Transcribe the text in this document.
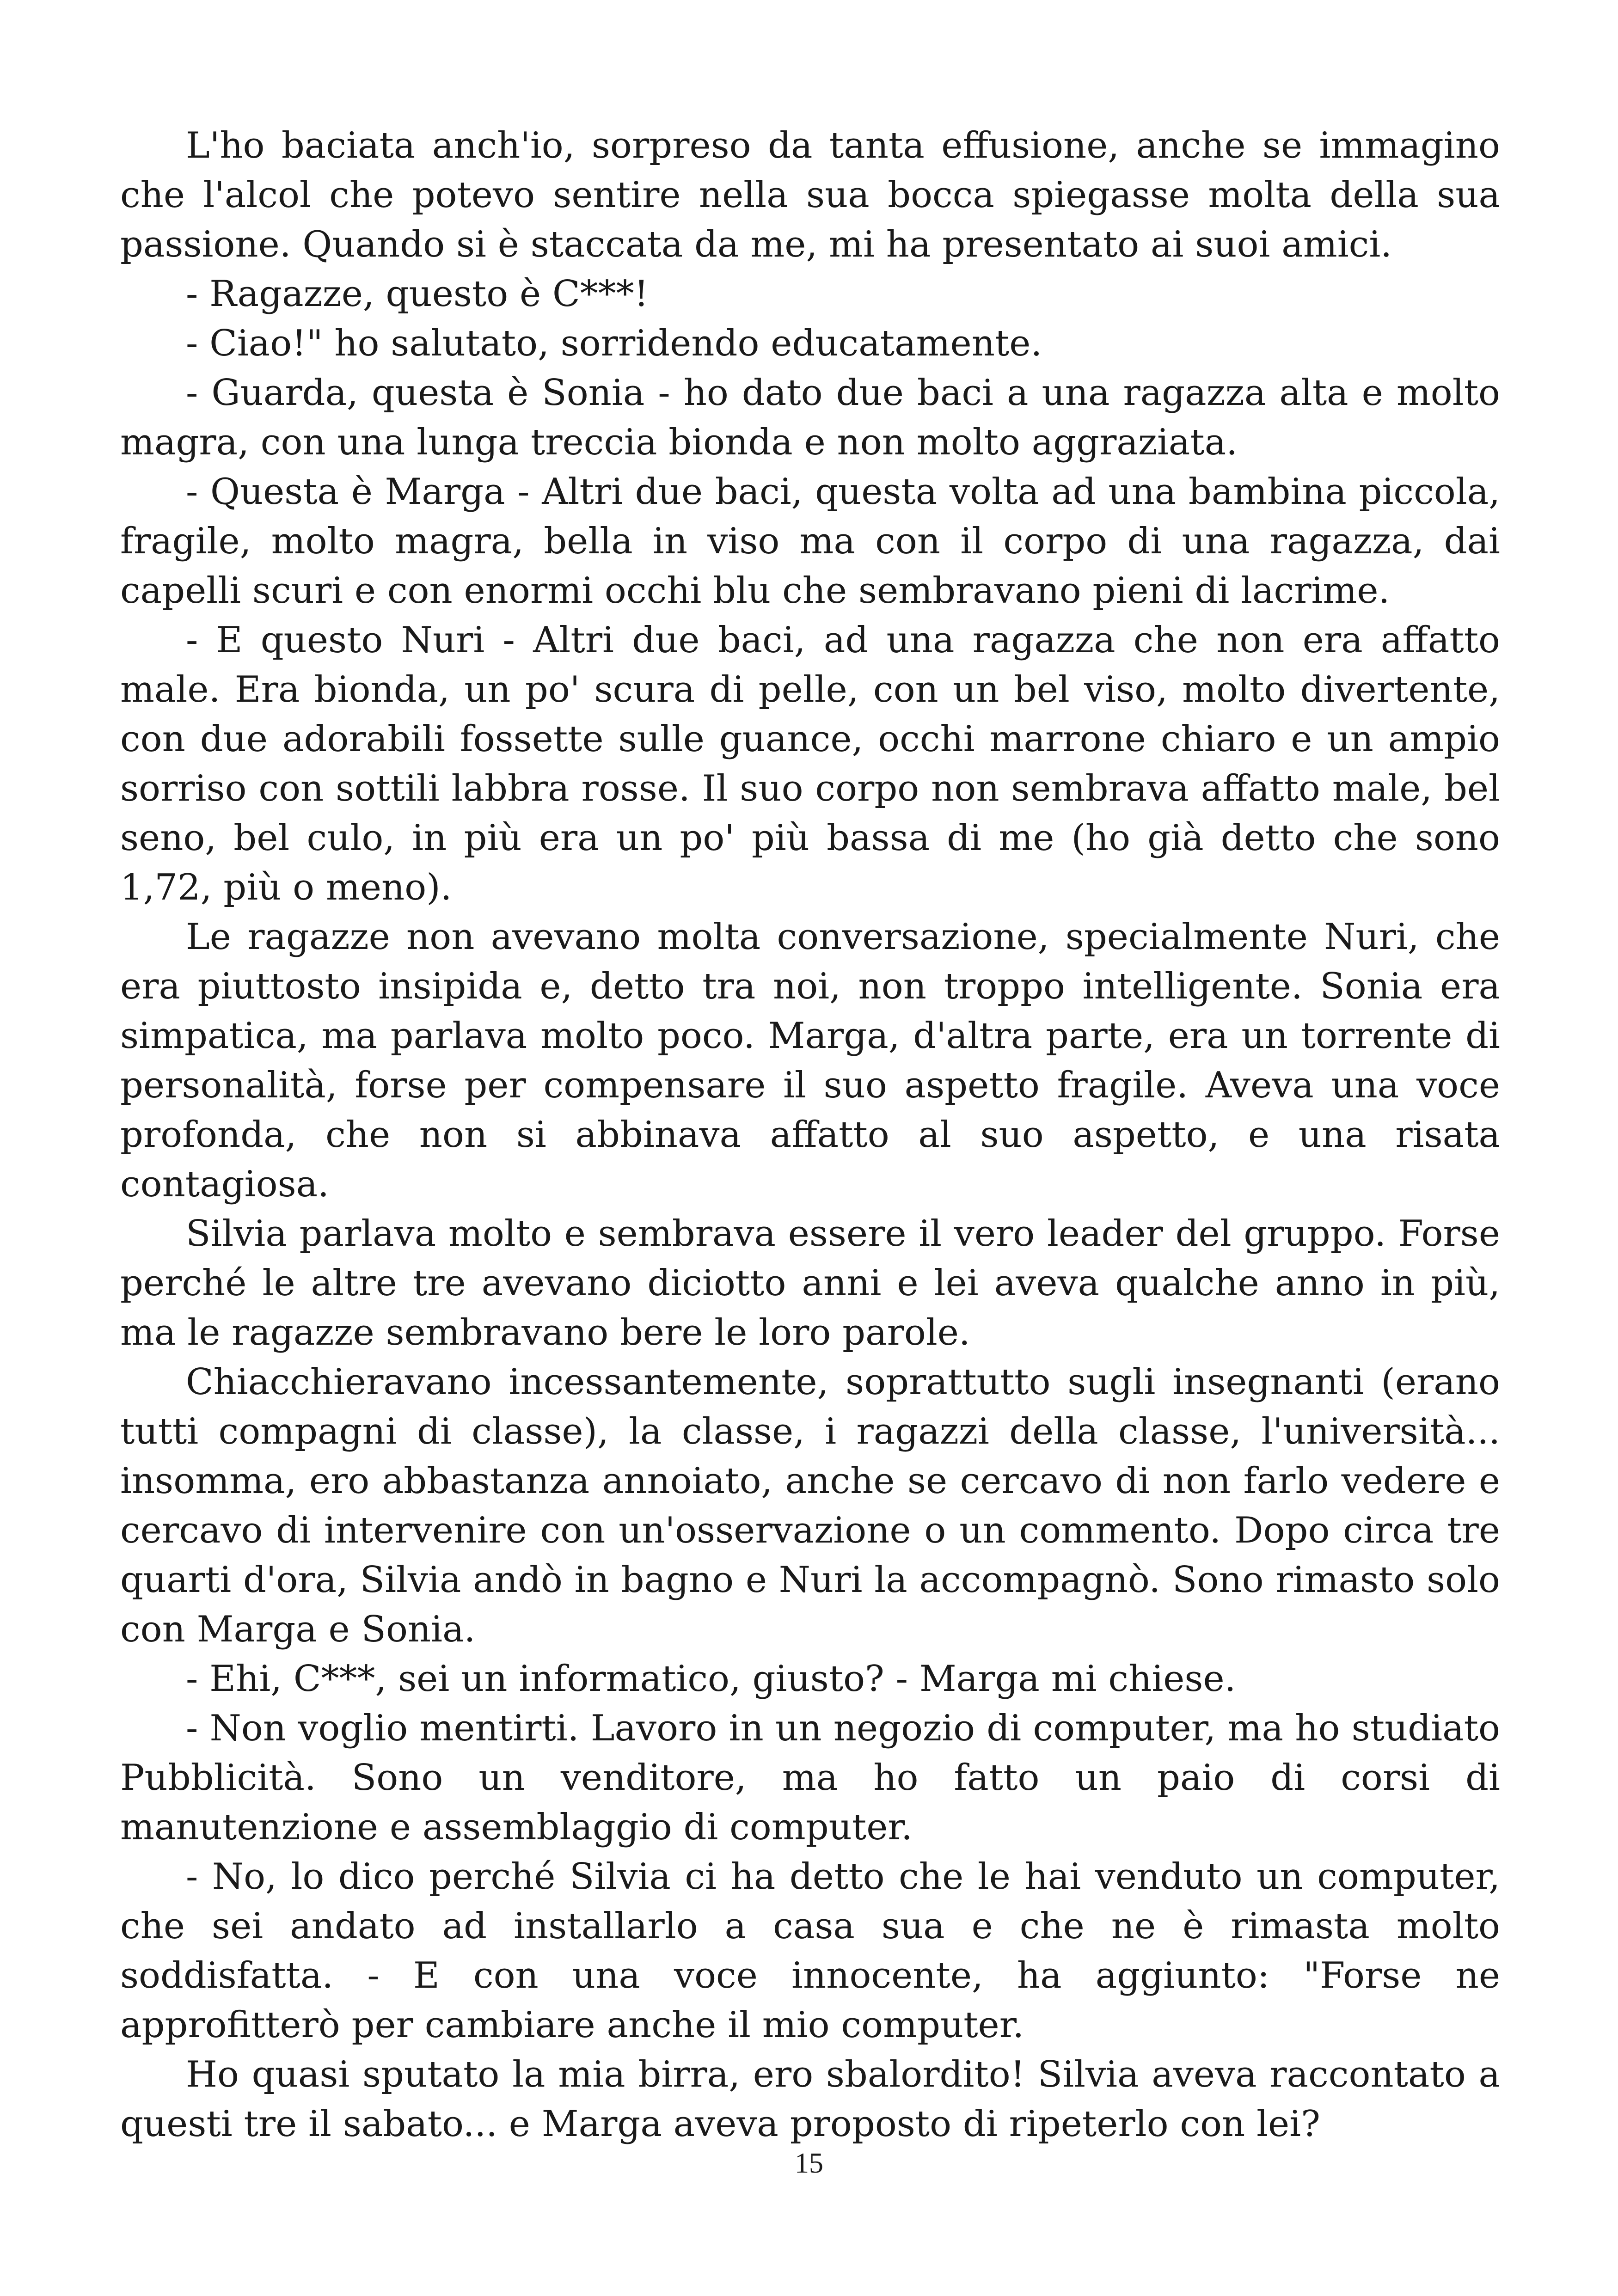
L'ho baciata anch'io, sorpreso da tanta effusione, anche se immagino che l'alcol che potevo sentire nella sua bocca spiegasse molta della sua passione. Quando si è staccata da me, mi ha presentato ai suoi amici.

- Ragazze, questo è C***!

- Ciao!" ho salutato, sorridendo educatamente.

- Guarda, questa è Sonia - ho dato due baci a una ragazza alta e molto magra, con una lunga treccia bionda e non molto aggraziata.

- Questa è Marga - Altri due baci, questa volta ad una bambina piccola, fragile, molto magra, bella in viso ma con il corpo di una ragazza, dai capelli scuri e con enormi occhi blu che sembravano pieni di lacrime.

- E questo Nuri - Altri due baci, ad una ragazza che non era affatto male. Era bionda, un po' scura di pelle, con un bel viso, molto divertente, con due adorabili fossette sulle guance, occhi marrone chiaro e un ampio sorriso con sottili labbra rosse. Il suo corpo non sembrava affatto male, bel seno, bel culo, in più era un po' più bassa di me (ho già detto che sono 1,72, più o meno).

Le ragazze non avevano molta conversazione, specialmente Nuri, che era piuttosto insipida e, detto tra noi, non troppo intelligente. Sonia era simpatica, ma parlava molto poco. Marga, d'altra parte, era un torrente di personalità, forse per compensare il suo aspetto fragile. Aveva una voce profonda, che non si abbinava affatto al suo aspetto, e una risata contagiosa.

Silvia parlava molto e sembrava essere il vero leader del gruppo. Forse perché le altre tre avevano diciotto anni e lei aveva qualche anno in più, ma le ragazze sembravano bere le loro parole.

Chiacchieravano incessantemente, soprattutto sugli insegnanti (erano tutti compagni di classe), la classe, i ragazzi della classe, l'università... insomma, ero abbastanza annoiato, anche se cercavo di non farlo vedere e cercavo di intervenire con un'osservazione o un commento. Dopo circa tre quarti d'ora, Silvia andò in bagno e Nuri la accompagnò. Sono rimasto solo con Marga e Sonia.

- Ehi, C***, sei un informatico, giusto? - Marga mi chiese.

- Non voglio mentirti. Lavoro in un negozio di computer, ma ho studiato Pubblicità. Sono un venditore, ma ho fatto un paio di corsi di manutenzione e assemblaggio di computer.

- No, lo dico perché Silvia ci ha detto che le hai venduto un computer, che sei andato ad installarlo a casa sua e che ne è rimasta molto soddisfatta. - E con una voce innocente, ha aggiunto: "Forse ne approfitterò per cambiare anche il mio computer.

Ho quasi sputato la mia birra, ero sbalordito! Silvia aveva raccontato a questi tre il sabato... e Marga aveva proposto di ripeterlo con lei?

15
